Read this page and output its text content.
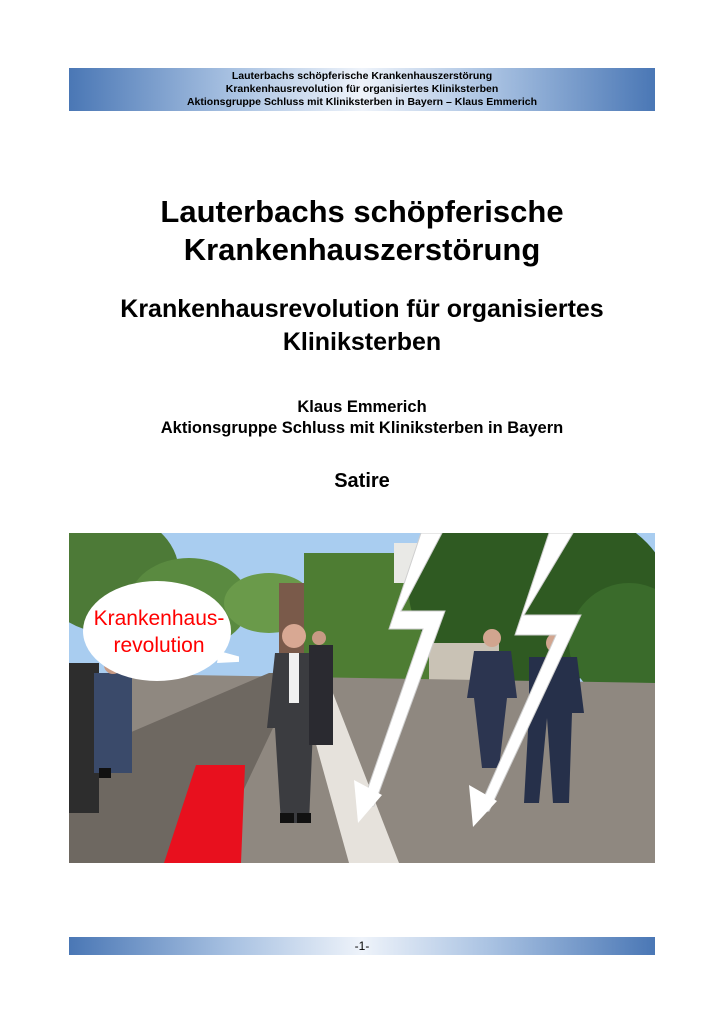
Lauterbachs schöpferische Krankenhauszerstörung
Krankenhausrevolution für organisiertes Kliniksterben
Aktionsgruppe Schluss mit Kliniksterben in Bayern – Klaus Emmerich
Lauterbachs schöpferische
Krankenhauszerstörung
Krankenhausrevolution für organisiertes
Kliniksterben
Klaus Emmerich
Aktionsgruppe Schluss mit Kliniksterben in Bayern
Satire
Krankenhaus-
revolution
-1-
